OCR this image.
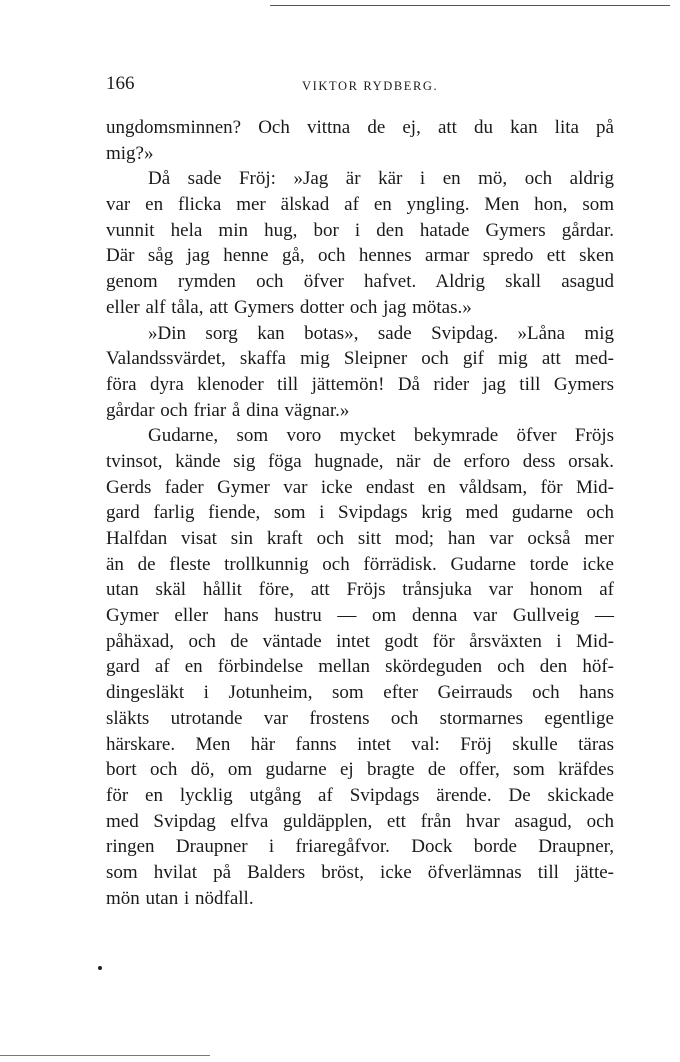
166	VIKTOR RYDBERG.
ungdomsminnen? Och vittna de ej, att du kan lita på
mig?»
Då sade Fröj: »Jag är kär i en mö, och aldrig
var en flicka mer älskad af en yngling. Men hon, som
vunnit hela min hug, bor i den hatade Gymers gårdar.
Där såg jag henne gå, och hennes armar spredo ett sken
genom rymden och öfver hafvet. Aldrig skall asagud
eller alf tåla, att Gymers dotter och jag mötas.»
»Din sorg kan botas», sade Svipdag. »Låna mig
Valandssvärdet, skaffa mig Sleipner och gif mig att med-
föra dyra klenoder till jättemön! Då rider jag till Gymers
gårdar och friar å dina vägnar.»
Gudarne, som voro mycket bekymrade öfver Fröjs
tvinsot, kände sig föga hugnade, när de erforo dess orsak.
Gerds fader Gymer var icke endast en våldsam, för Mid-
gard farlig fiende, som i Svipdags krig med gudarne och
Halfdan visat sin kraft och sitt mod; han var också mer
än de fleste trollkunnig och förrädisk. Gudarne torde icke
utan skäl hållit före, att Fröjs trånsjuka var honom af
Gymer eller hans hustru — om denna var Gullveig —
påhäxad, och de väntade intet godt för årsväxten i Mid-
gard af en förbindelse mellan skördeguden och den höf-
dingesläkt i Jotunheim, som efter Geirrauds och hans
släkts utrotande var frostens och stormarnes egentlige
härskare. Men här fanns intet val: Fröj skulle täras
bort och dö, om gudarne ej bragte de offer, som kräfdes
för en lycklig utgång af Svipdags ärende. De skickade
med Svipdag elfva guldäpplen, ett från hvar asagud, och
ringen Draupner i friaregåfvor. Dock borde Draupner,
som hvilat på Balders bröst, icke öfverlämnas till jätte-
mön utan i nödfall.
